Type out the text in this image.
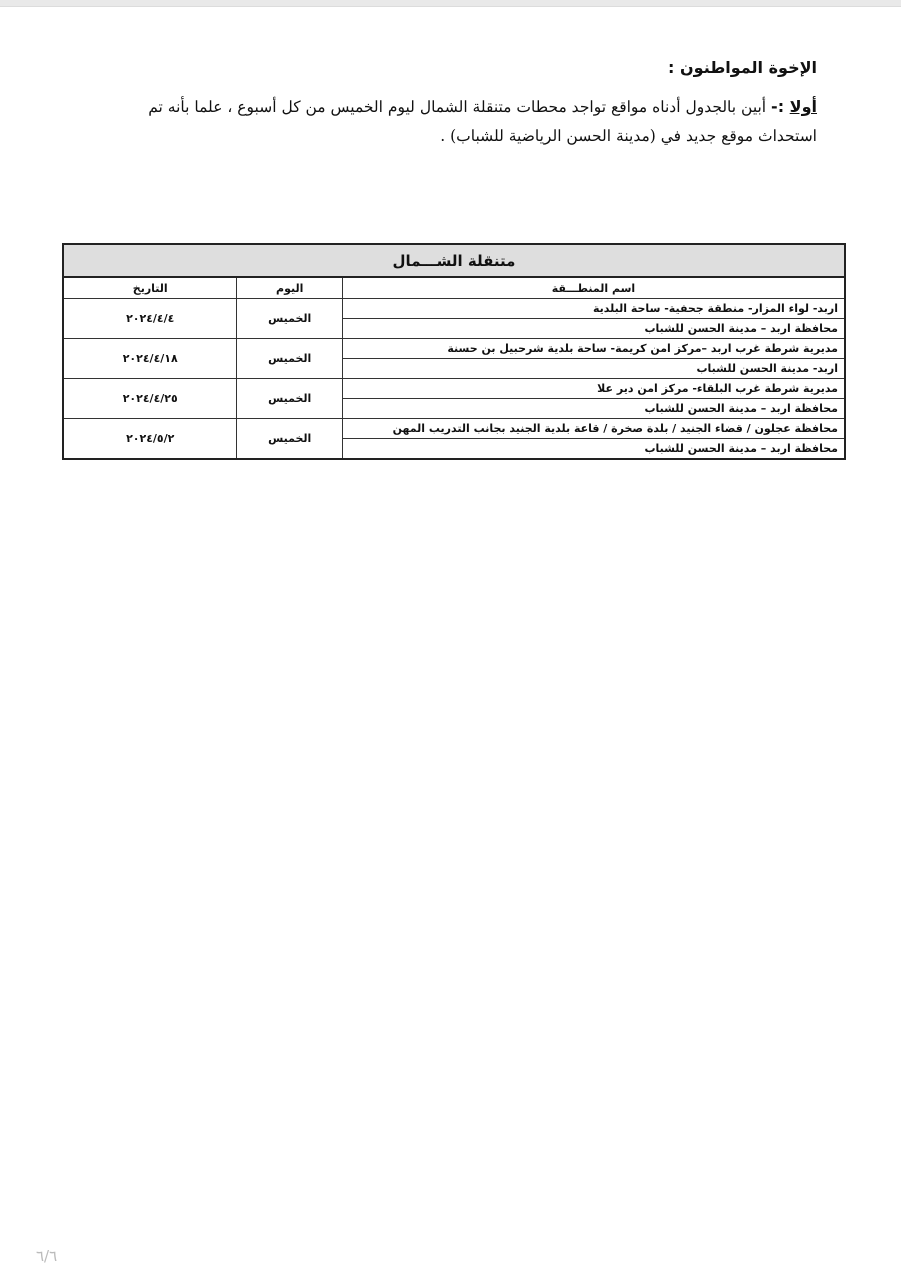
الإخوة المواطنون :
أولا :- أبين بالجدول أدناه مواقع تواجد محطات متنقلة الشمال ليوم الخميس من كل أسبوع ، علما بأنه تم استحداث موقع جديد في (مدينة الحسن الرياضية للشباب) .
متنقلة الشـــمال		
اسم المنطـــقة	اليوم	التاريخ
اربد- لواء المزار- منطقة جحفية- ساحة البلدية	الخميس	٢٠٢٤/٤/٤
محافظة اربد – مدينة الحسن للشباب		
مديرية شرطة غرب اربد –مركز امن كريمة- ساحة بلدية شرحبيل بن حسنة	الخميس	٢٠٢٤/٤/١٨
اربد- مدينة الحسن للشباب		
مديرية شرطة غرب البلقاء- مركز امن دير علا	الخميس	٢٠٢٤/٤/٢٥
محافظة اربد – مدينة الحسن للشباب		
محافظة عجلون / قضاء الجنيد / بلدة صخرة / قاعة بلدية الجنيد بجانب التدريب المهن	الخميس	٢٠٢٤/٥/٢
محافظة اربد – مدينة الحسن للشباب		
٦/٦
